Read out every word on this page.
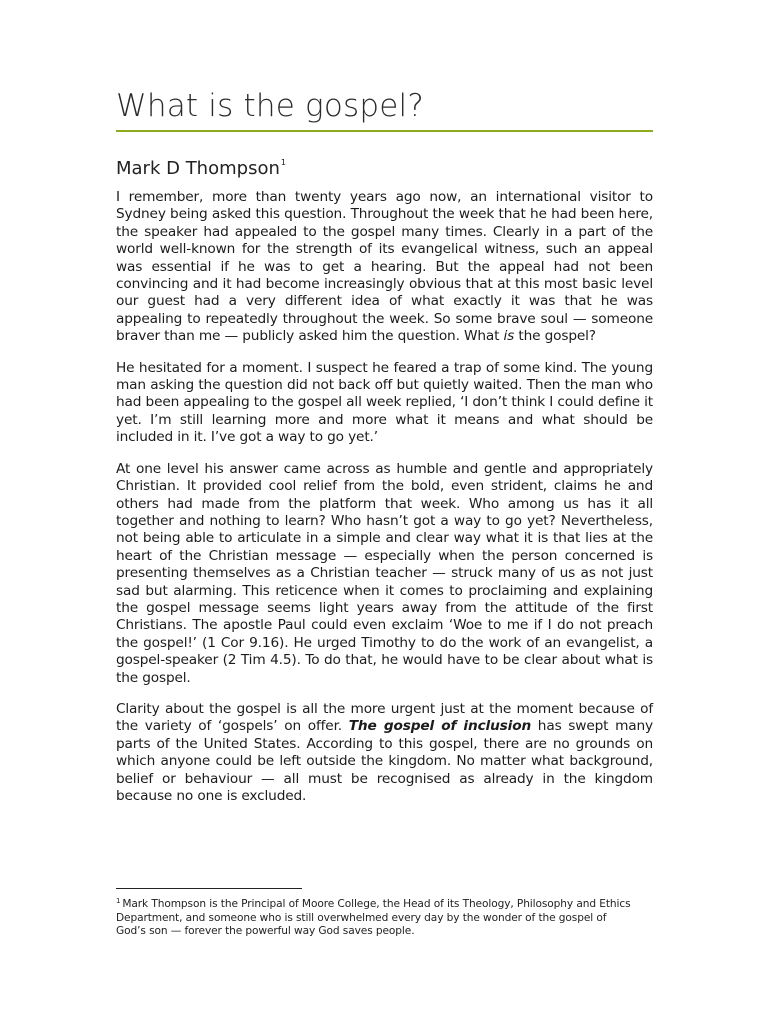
What is the gospel?
Mark D Thompson$^1$

I remember, more than twenty years ago now, an international visitor to Sydney being asked this question. Throughout the week that he had been here, the speaker had appealed to the gospel many times. Clearly in a part of the world well-known for the strength of its evangelical witness, such an appeal was essential if he was to get a hearing. But the appeal had not been convincing and it had become increasingly obvious that at this most basic level our guest had a very different idea of what exactly it was that he was appealing to repeatedly throughout the week. So some brave soul — someone braver than me — publicly asked him the question. What is the gospel?

He hesitated for a moment. I suspect he feared a trap of some kind. The young man asking the question did not back off but quietly waited. Then the man who had been appealing to the gospel all week replied, ‘I don’t think I could define it yet. I’m still learning more and more what it means and what should be included in it. I’ve got a way to go yet.’

At one level his answer came across as humble and gentle and appropriately Christian. It provided cool relief from the bold, even strident, claims he and others had made from the platform that week. Who among us has it all together and nothing to learn? Who hasn’t got a way to go yet? Nevertheless, not being able to articulate in a simple and clear way what it is that lies at the heart of the Christian message — especially when the person concerned is presenting themselves as a Christian teacher — struck many of us as not just sad but alarming. This reticence when it comes to proclaiming and explaining the gospel message seems light years away from the attitude of the first Christians. The apostle Paul could even exclaim ‘Woe to me if I do not preach the gospel!’ (1 Cor 9.16). He urged Timothy to do the work of an evangelist, a gospel-speaker (2 Tim 4.5). To do that, he would have to be clear about what is the gospel.

Clarity about the gospel is all the more urgent just at the moment because of the variety of ‘gospels’ on offer. The gospel of inclusion has swept many parts of the United States. According to this gospel, there are no grounds on which anyone could be left outside the kingdom. No matter what background, belief or behaviour — all must be recognised as already in the kingdom because no one is excluded.

$^1$ Mark Thompson is the Principal of Moore College, the Head of its Theology, Philosophy and Ethics Department, and someone who is still overwhelmed every day by the wonder of the gospel of God’s son — forever the powerful way God saves people.
